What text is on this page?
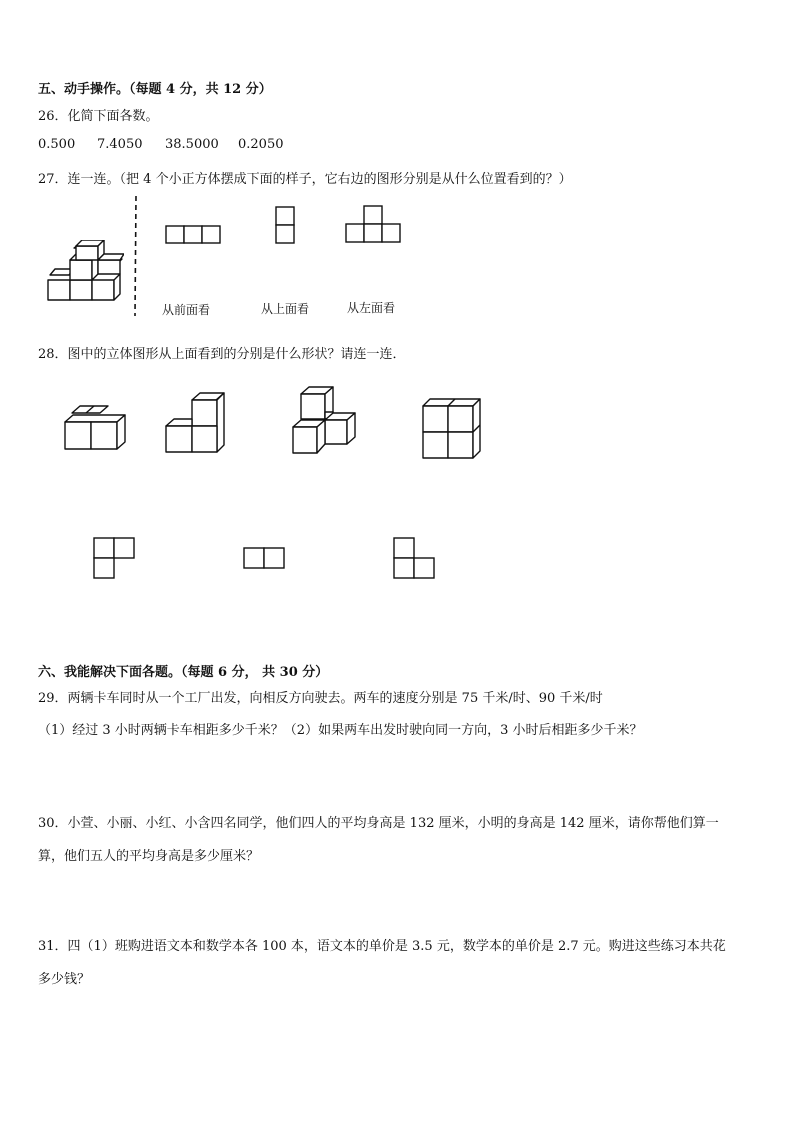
五、动手操作。（每题 4 分，共 12 分）
26．化简下面各数。
0.500 7.4050 38.5000 0.2050
27．连一连。（把 4 个小正方体摆成下面的样子，它右边的图形分别是从什么位置看到的？）
从前面看	从上面看	从左面看
28．图中的立体图形从上面看到的分别是什么形状？请连一连．
六、我能解决下面各题。（每题 6 分， 共 30 分）
29．两辆卡车同时从一个工厂出发，向相反方向驶去。两车的速度分别是 75 千米/时、90 千米/时
（1）经过 3 小时两辆卡车相距多少千米？（2）如果两车出发时驶向同一方向，3 小时后相距多少千米？
30．小萱、小丽、小红、小含四名同学，他们四人的平均身高是 132 厘米，小明的身高是 142 厘米，请你帮他们算一
算，他们五人的平均身高是多少厘米？
31．四（1）班购进语文本和数学本各 100 本，语文本的单价是 3.5 元，数学本的单价是 2.7 元。购进这些练习本共花
多少钱？
